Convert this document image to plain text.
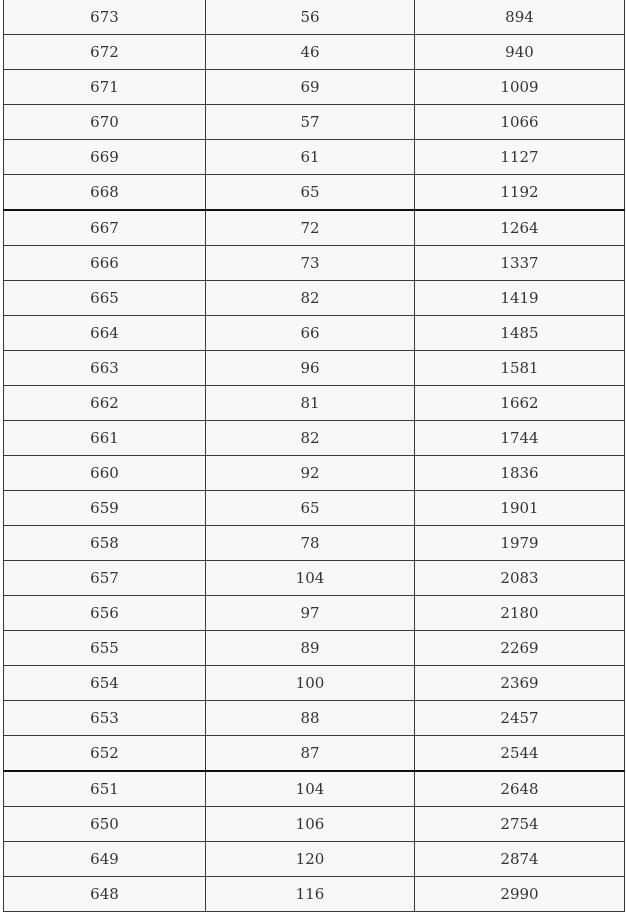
673	56	894
672	46	940
671	69	1009
670	57	1066
669	61	1127
668	65	1192
667	72	1264
666	73	1337
665	82	1419
664	66	1485
663	96	1581
662	81	1662
661	82	1744
660	92	1836
659	65	1901
658	78	1979
657	104	2083
656	97	2180
655	89	2269
654	100	2369
653	88	2457
652	87	2544
651	104	2648
650	106	2754
649	120	2874
648	116	2990
